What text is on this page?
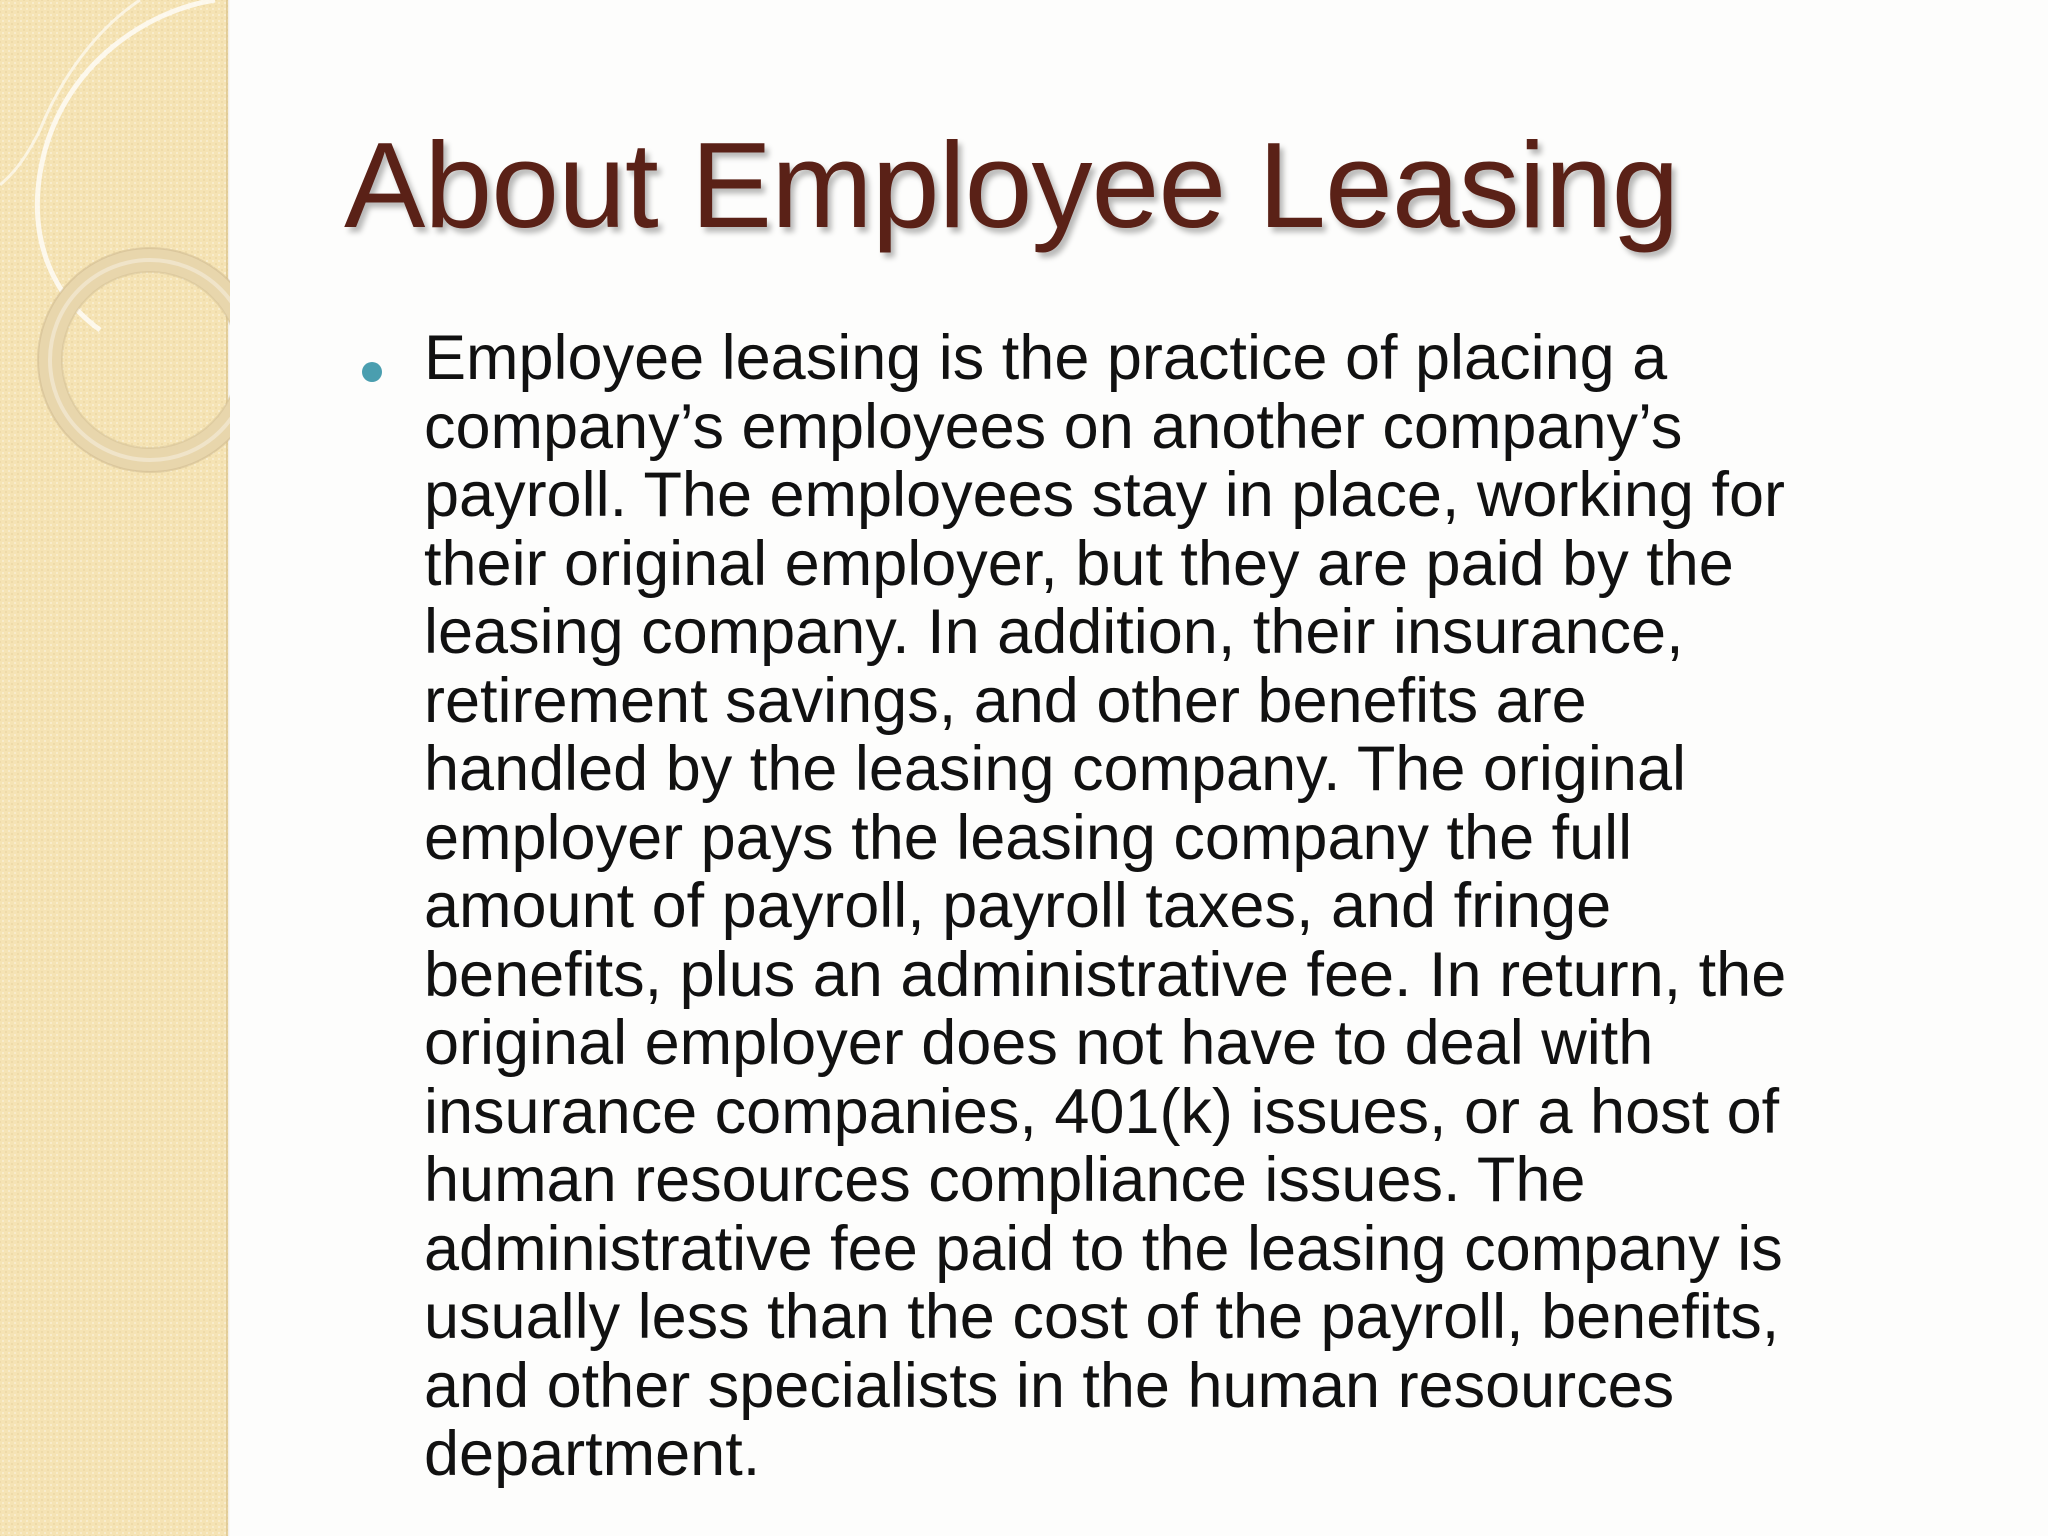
About Employee Leasing
Employee leasing is the practice of placing a
company’s employees on another company’s
payroll. The employees stay in place, working for
their original employer, but they are paid by the
leasing company. In addition, their insurance,
retirement savings, and other benefits are
handled by the leasing company. The original
employer pays the leasing company the full
amount of payroll, payroll taxes, and fringe
benefits, plus an administrative fee. In return, the
original employer does not have to deal with
insurance companies, 401(k) issues, or a host of
human resources compliance issues. The
administrative fee paid to the leasing company is
usually less than the cost of the payroll, benefits,
and other specialists in the human resources
department.
